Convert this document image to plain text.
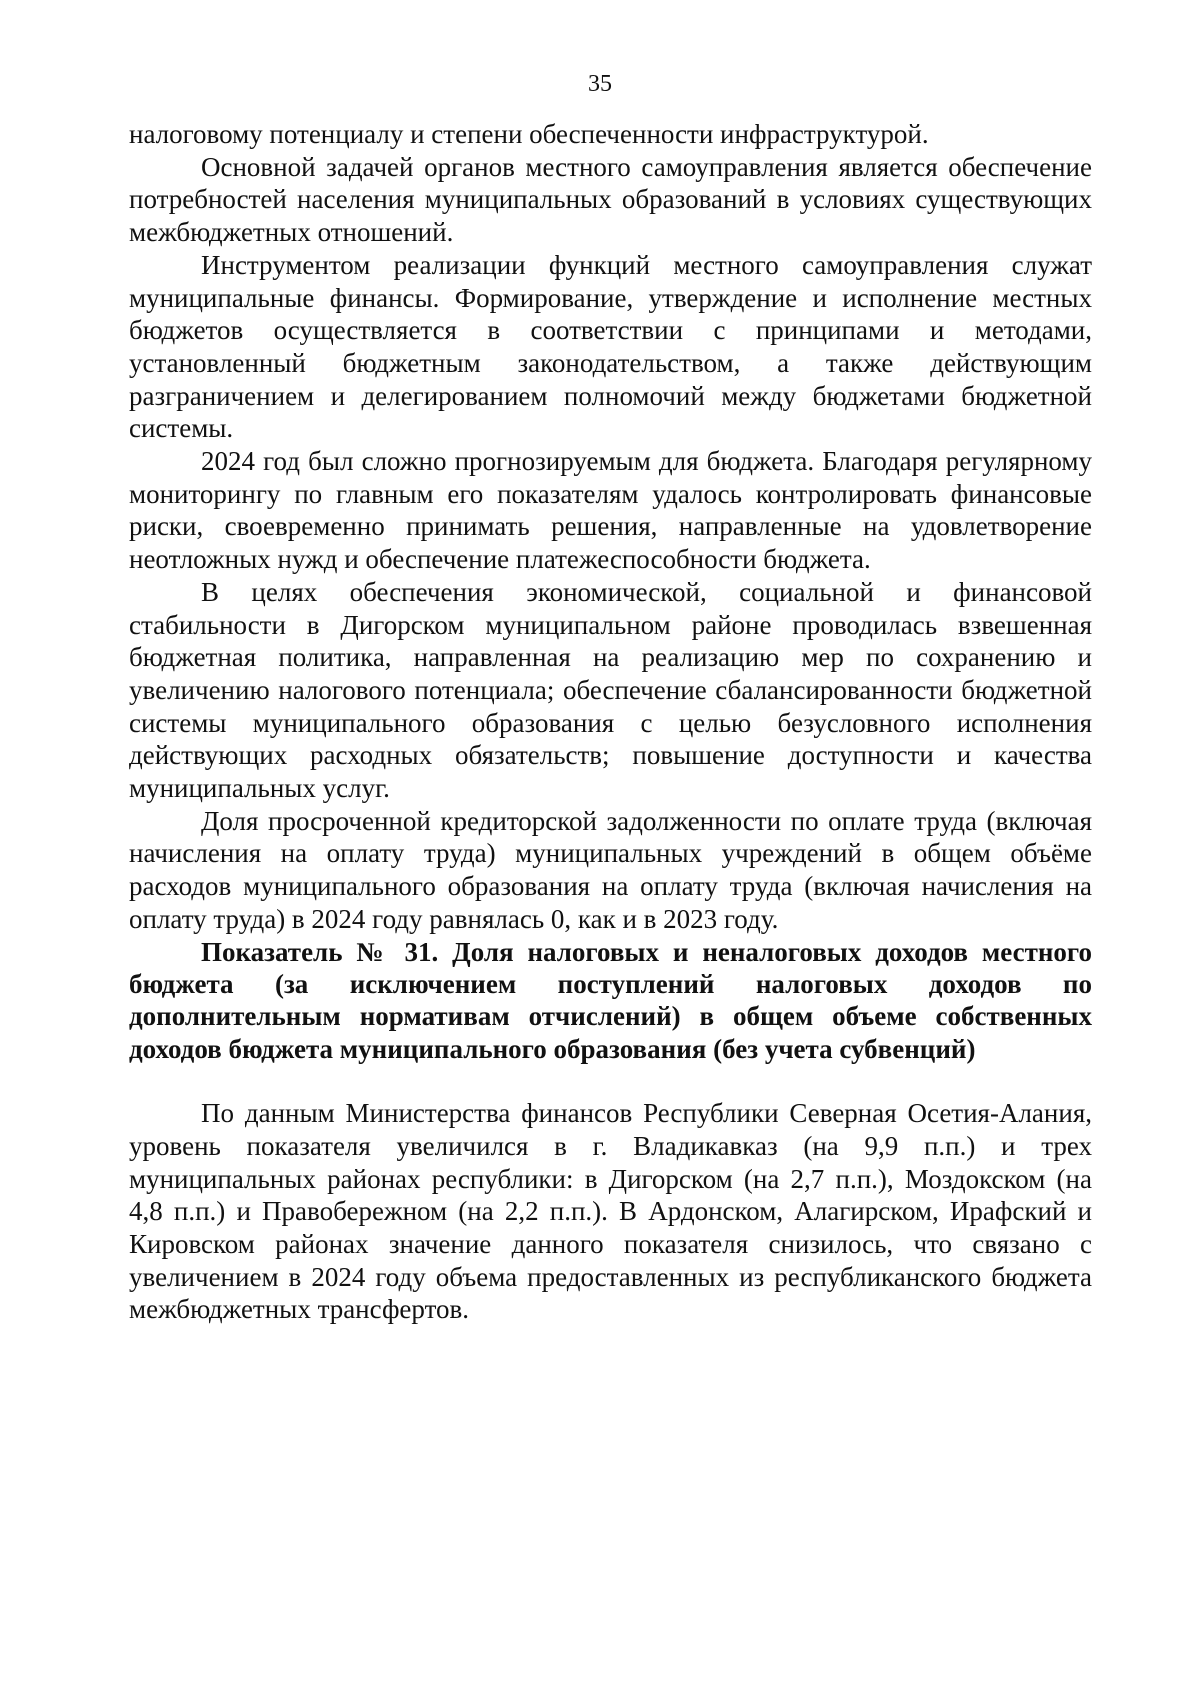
35

налоговому потенциалу и степени обеспеченности инфраструктурой.

Основной задачей органов местного самоуправления является обеспечение потребностей населения муниципальных образований в условиях существующих межбюджетных отношений.

Инструментом реализации функций местного самоуправления служат муниципальные финансы. Формирование, утверждение и исполнение местных бюджетов осуществляется в соответствии с принципами и методами, установленный бюджетным законодательством, а также действующим разграничением и делегированием полномочий между бюджетами бюджетной системы.

2024 год был сложно прогнозируемым для бюджета. Благодаря регулярному мониторингу по главным его показателям удалось контролировать финансовые риски, своевременно принимать решения, направленные на удовлетворение неотложных нужд и обеспечение платежеспособности бюджета.

В целях обеспечения экономической, социальной и финансовой стабильности в Дигорском муниципальном районе проводилась взвешенная бюджетная политика, направленная на реализацию мер по сохранению и увеличению налогового потенциала; обеспечение сбалансированности бюджетной системы муниципального образования с целью безусловного исполнения действующих расходных обязательств; повышение доступности и качества муниципальных услуг.

Доля просроченной кредиторской задолженности по оплате труда (включая начисления на оплату труда) муниципальных учреждений в общем объёме расходов муниципального образования на оплату труда (включая начисления на оплату труда) в 2024 году равнялась 0, как и в 2023 году.

Показатель № 31. Доля налоговых и неналоговых доходов местного бюджета (за исключением поступлений налоговых доходов по дополнительным нормативам отчислений) в общем объеме собственных доходов бюджета муниципального образования (без учета субвенций)

По данным Министерства финансов Республики Северная Осетия-Алания, уровень показателя увеличился в г. Владикавказ (на 9,9 п.п.) и трех муниципальных районах республики: в Дигорском (на 2,7 п.п.), Моздокском (на 4,8 п.п.) и Правобережном (на 2,2 п.п.). В Ардонском, Алагирском, Ирафский и Кировском районах значение данного показателя снизилось, что связано с увеличением в 2024 году объема предоставленных из республиканского бюджета межбюджетных трансфертов.
